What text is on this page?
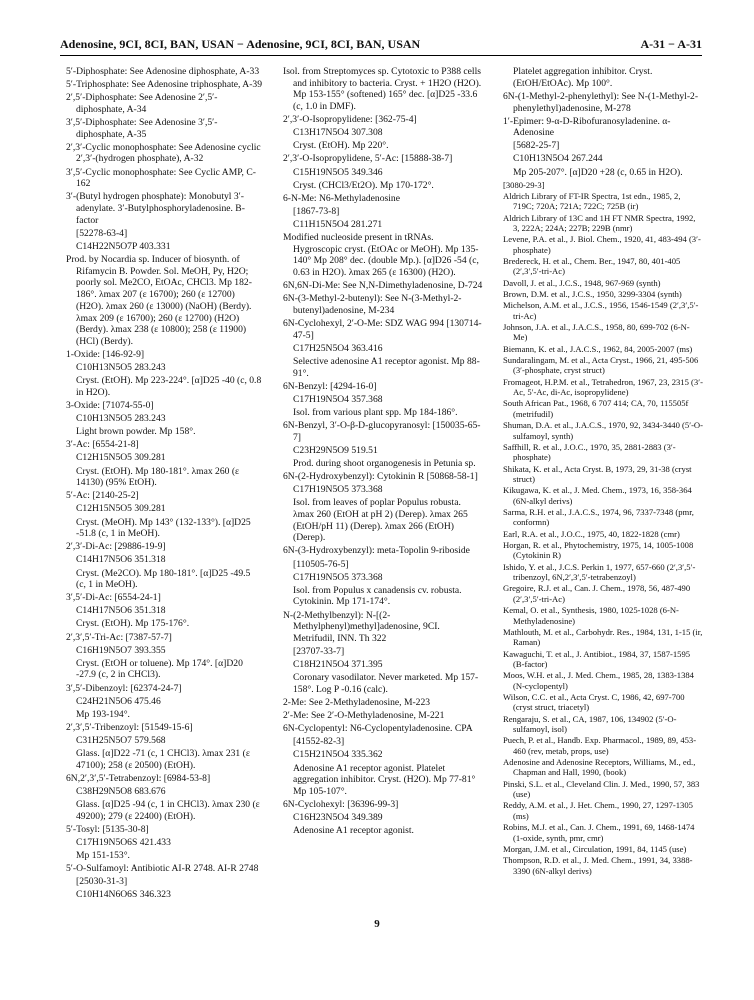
Adenosine, 9CI, 8CI, BAN, USAN − Adenosine, 9CI, 8CI, BAN, USAN	A-31 − A-31
5′-Diphosphate: See Adenosine diphosphate, A-33
5′-Triphosphate: See Adenosine triphosphate, A-39
2′,5′-Diphosphate: See Adenosine 2′,5′-diphosphate, A-34
3′,5′-Diphosphate: See Adenosine 3′,5′-diphosphate, A-35
2′,3′-Cyclic monophosphate: See Adenosine cyclic 2′,3′-(hydrogen phosphate), A-32
3′,5′-Cyclic monophosphate: See Cyclic AMP, C-162
3′-(Butyl hydrogen phosphate): Monobutyl 3′-adenylate. 3′-Butylphosphoryladenosine. B-factor
[52278-63-4]
C14H22N5O7P 403.331
Prod. by Nocardia sp. Inducer of biosynth. of Rifamycin B. Powder. Sol. MeOH, Py, H2O; poorly sol. Me2CO, EtOAc, CHCl3. Mp 182-186°. λmax 207 (ε 16700); 260 (ε 12700) (H2O). λmax 260 (ε 13000) (NaOH) (Berdy). λmax 209 (ε 16700); 260 (ε 12700) (H2O) (Berdy). λmax 238 (ε 10800); 258 (ε 11900) (HCl) (Berdy).
1-Oxide: [146-92-9]
C10H13N5O5 283.243
Cryst. (EtOH). Mp 223-224°. [α]D25 -40 (c, 0.8 in H2O).
3-Oxide: [71074-55-0]
C10H13N5O5 283.243
Light brown powder. Mp 158°.
3′-Ac: [6554-21-8]
C12H15N5O5 309.281
Cryst. (EtOH). Mp 180-181°. λmax 260 (ε 14130) (95% EtOH).
5′-Ac: [2140-25-2]
C12H15N5O5 309.281
Cryst. (MeOH). Mp 143° (132-133°). [α]D25 -51.8 (c, 1 in MeOH).
2′,3′-Di-Ac: [29886-19-9]
C14H17N5O6 351.318
Cryst. (Me2CO). Mp 180-181°. [α]D25 -49.5 (c, 1 in MeOH).
3′,5′-Di-Ac: [6554-24-1]
C14H17N5O6 351.318
Cryst. (EtOH). Mp 175-176°.
2′,3′,5′-Tri-Ac: [7387-57-7]
C16H19N5O7 393.355
Cryst. (EtOH or toluene). Mp 174°. [α]D20 -27.9 (c, 2 in CHCl3).
3′,5′-Dibenzoyl: [62374-24-7]
C24H21N5O6 475.46
Mp 193-194°.
2′,3′,5′-Tribenzoyl: [51549-15-6]
C31H25N5O7 579.568
Glass. [α]D22 -71 (c, 1 CHCl3). λmax 231 (ε 47100); 258 (ε 20500) (EtOH).
6N,2′,3′,5′-Tetrabenzoyl: [6984-53-8]
C38H29N5O8 683.676
Glass. [α]D25 -94 (c, 1 in CHCl3). λmax 230 (ε 49200); 279 (ε 22400) (EtOH).
5′-Tosyl: [5135-30-8]
C17H19N5O6S 421.433
Mp 151-153°.
5′-O-Sulfamoyl: Antibiotic AI-R 2748. AI-R 2748
[25030-31-3]
C10H14N6O6S 346.323
Isol. from Streptomyces sp. Cytotoxic to P388 cells and inhibitory to bacteria. Cryst. + 1H2O (H2O). Mp 153-155° (softened) 165° dec. [α]D25 -33.6 (c, 1.0 in DMF).
2′,3′-O-Isopropylidene: [362-75-4]
C13H17N5O4 307.308
Cryst. (EtOH). Mp 220°.
2′,3′-O-Isopropylidene, 5′-Ac: [15888-38-7]
C15H19N5O5 349.346
Cryst. (CHCl3/Et2O). Mp 170-172°.
6-N-Me: N6-Methyladenosine
[1867-73-8]
C11H15N5O4 281.271
Modified nucleoside present in tRNAs. Hygroscopic cryst. (EtOAc or MeOH). Mp 135-140° Mp 208° dec. (double Mp.). [α]D26 -54 (c, 0.63 in H2O). λmax 265 (ε 16300) (H2O).
6N,6N-Di-Me: See N,N-Dimethyladenosine, D-724
6N-(3-Methyl-2-butenyl): See N-(3-Methyl-2-butenyl)adenosine, M-234
6N-Cyclohexyl, 2′-O-Me: SDZ WAG 994 [130714-47-5]
C17H25N5O4 363.416
Selective adenosine A1 receptor agonist. Mp 88-91°.
6N-Benzyl: [4294-16-0]
C17H19N5O4 357.368
Isol. from various plant spp. Mp 184-186°.
6N-Benzyl, 3′-O-β-D-glucopyranosyl: [150035-65-7]
C23H29N5O9 519.51
Prod. during shoot organogenesis in Petunia sp.
6N-(2-Hydroxybenzyl): Cytokinin R [50868-58-1]
C17H19N5O5 373.368
Isol. from leaves of poplar Populus robusta. λmax 260 (EtOH at pH 2) (Derep). λmax 265 (EtOH/pH 11) (Derep). λmax 266 (EtOH) (Derep).
6N-(3-Hydroxybenzyl): meta-Topolin 9-riboside
[110505-76-5]
C17H19N5O5 373.368
Isol. from Populus x canadensis cv. robusta. Cytokinin. Mp 171-174°.
N-(2-Methylbenzyl): N-[(2-Methylphenyl)methyl]adenosine, 9CI. Metrifudil, INN. Th 322
[23707-33-7]
C18H21N5O4 371.395
Coronary vasodilator. Never marketed. Mp 157-158°. Log P -0.16 (calc).
2-Me: See 2-Methyladenosine, M-223
2′-Me: See 2′-O-Methyladenosine, M-221
6N-Cyclopentyl: N6-Cyclopentyladenosine. CPA
[41552-82-3]
C15H21N5O4 335.362
Adenosine A1 receptor agonist. Platelet aggregation inhibitor. Cryst. (H2O). Mp 77-81° Mp 105-107°.
6N-Cyclohexyl: [36396-99-3]
C16H23N5O4 349.389
Adenosine A1 receptor agonist.
Platelet aggregation inhibitor. Cryst. (EtOH/EtOAc). Mp 100°.
6N-(1-Methyl-2-phenylethyl): See N-(1-Methyl-2-phenylethyl)adenosine, M-278
1′-Epimer: 9-α-D-Ribofuranosyladenine. α-Adenosine
[5682-25-7]
C10H13N5O4 267.244
Mp 205-207°. [α]D20 +28 (c, 0.65 in H2O).
[3080-29-3]
Aldrich Library of FT-IR Spectra, 1st edn., 1985, 2, 719C; 720A; 721A; 722C; 725B (ir)
Aldrich Library of 13C and 1H FT NMR Spectra, 1992, 3, 222A; 224A; 227B; 229B (nmr)
Levene, P.A. et al., J. Biol. Chem., 1920, 41, 483-494 (3′-phosphate)
Bredereck, H. et al., Chem. Ber., 1947, 80, 401-405 (2′,3′,5′-tri-Ac)
Davoll, J. et al., J.C.S., 1948, 967-969 (synth)
Brown, D.M. et al., J.C.S., 1950, 3299-3304 (synth)
Michelson, A.M. et al., J.C.S., 1956, 1546-1549 (2′,3′,5′-tri-Ac)
Johnson, J.A. et al., J.A.C.S., 1958, 80, 699-702 (6-N-Me)
Biemann, K. et al., J.A.C.S., 1962, 84, 2005-2007 (ms)
Sundaralingam, M. et al., Acta Cryst., 1966, 21, 495-506 (3′-phosphate, cryst struct)
Fromageot, H.P.M. et al., Tetrahedron, 1967, 23, 2315 (3′-Ac, 5′-Ac, di-Ac, isopropylidene)
South African Pat., 1968, 6 707 414; CA, 70, 115505f (metrifudil)
Shuman, D.A. et al., J.A.C.S., 1970, 92, 3434-3440 (5′-O-sulfamoyl, synth)
Saffhill, R. et al., J.O.C., 1970, 35, 2881-2883 (3′-phosphate)
Shikata, K. et al., Acta Cryst. B, 1973, 29, 31-38 (cryst struct)
Kikugawa, K. et al., J. Med. Chem., 1973, 16, 358-364 (6N-alkyl derivs)
Sarma, R.H. et al., J.A.C.S., 1974, 96, 7337-7348 (pmr, conformn)
Earl, R.A. et al., J.O.C., 1975, 40, 1822-1828 (cmr)
Horgan, R. et al., Phytochemistry, 1975, 14, 1005-1008 (Cytokinin R)
Ishido, Y. et al., J.C.S. Perkin 1, 1977, 657-660 (2′,3′,5′-tribenzoyl, 6N,2′,3′,5′-tetrabenzoyl)
Gregoire, R.J. et al., Can. J. Chem., 1978, 56, 487-490 (2′,3′,5′-tri-Ac)
Kemal, O. et al., Synthesis, 1980, 1025-1028 (6-N-Methyladenosine)
Mathlouth, M. et al., Carbohydr. Res., 1984, 131, 1-15 (ir, Raman)
Kawaguchi, T. et al., J. Antibiot., 1984, 37, 1587-1595 (B-factor)
Moos, W.H. et al., J. Med. Chem., 1985, 28, 1383-1384 (N-cyclopentyl)
Wilson, C.C. et al., Acta Cryst. C, 1986, 42, 697-700 (cryst struct, triacetyl)
Rengaraju, S. et al., CA, 1987, 106, 134902 (5′-O-sulfamoyl, isol)
Puech, P. et al., Handb. Exp. Pharmacol., 1989, 89, 453-460 (rev, metab, props, use)
Adenosine and Adenosine Receptors, Williams, M., ed., Chapman and Hall, 1990, (book)
Pinski, S.L. et al., Cleveland Clin. J. Med., 1990, 57, 383 (use)
Reddy, A.M. et al., J. Het. Chem., 1990, 27, 1297-1305 (ms)
Robins, M.J. et al., Can. J. Chem., 1991, 69, 1468-1474 (1-oxide, synth, pmr, cmr)
Morgan, J.M. et al., Circulation, 1991, 84, 1145 (use)
Thompson, R.D. et al., J. Med. Chem., 1991, 34, 3388-3390 (6N-alkyl derivs)
9
